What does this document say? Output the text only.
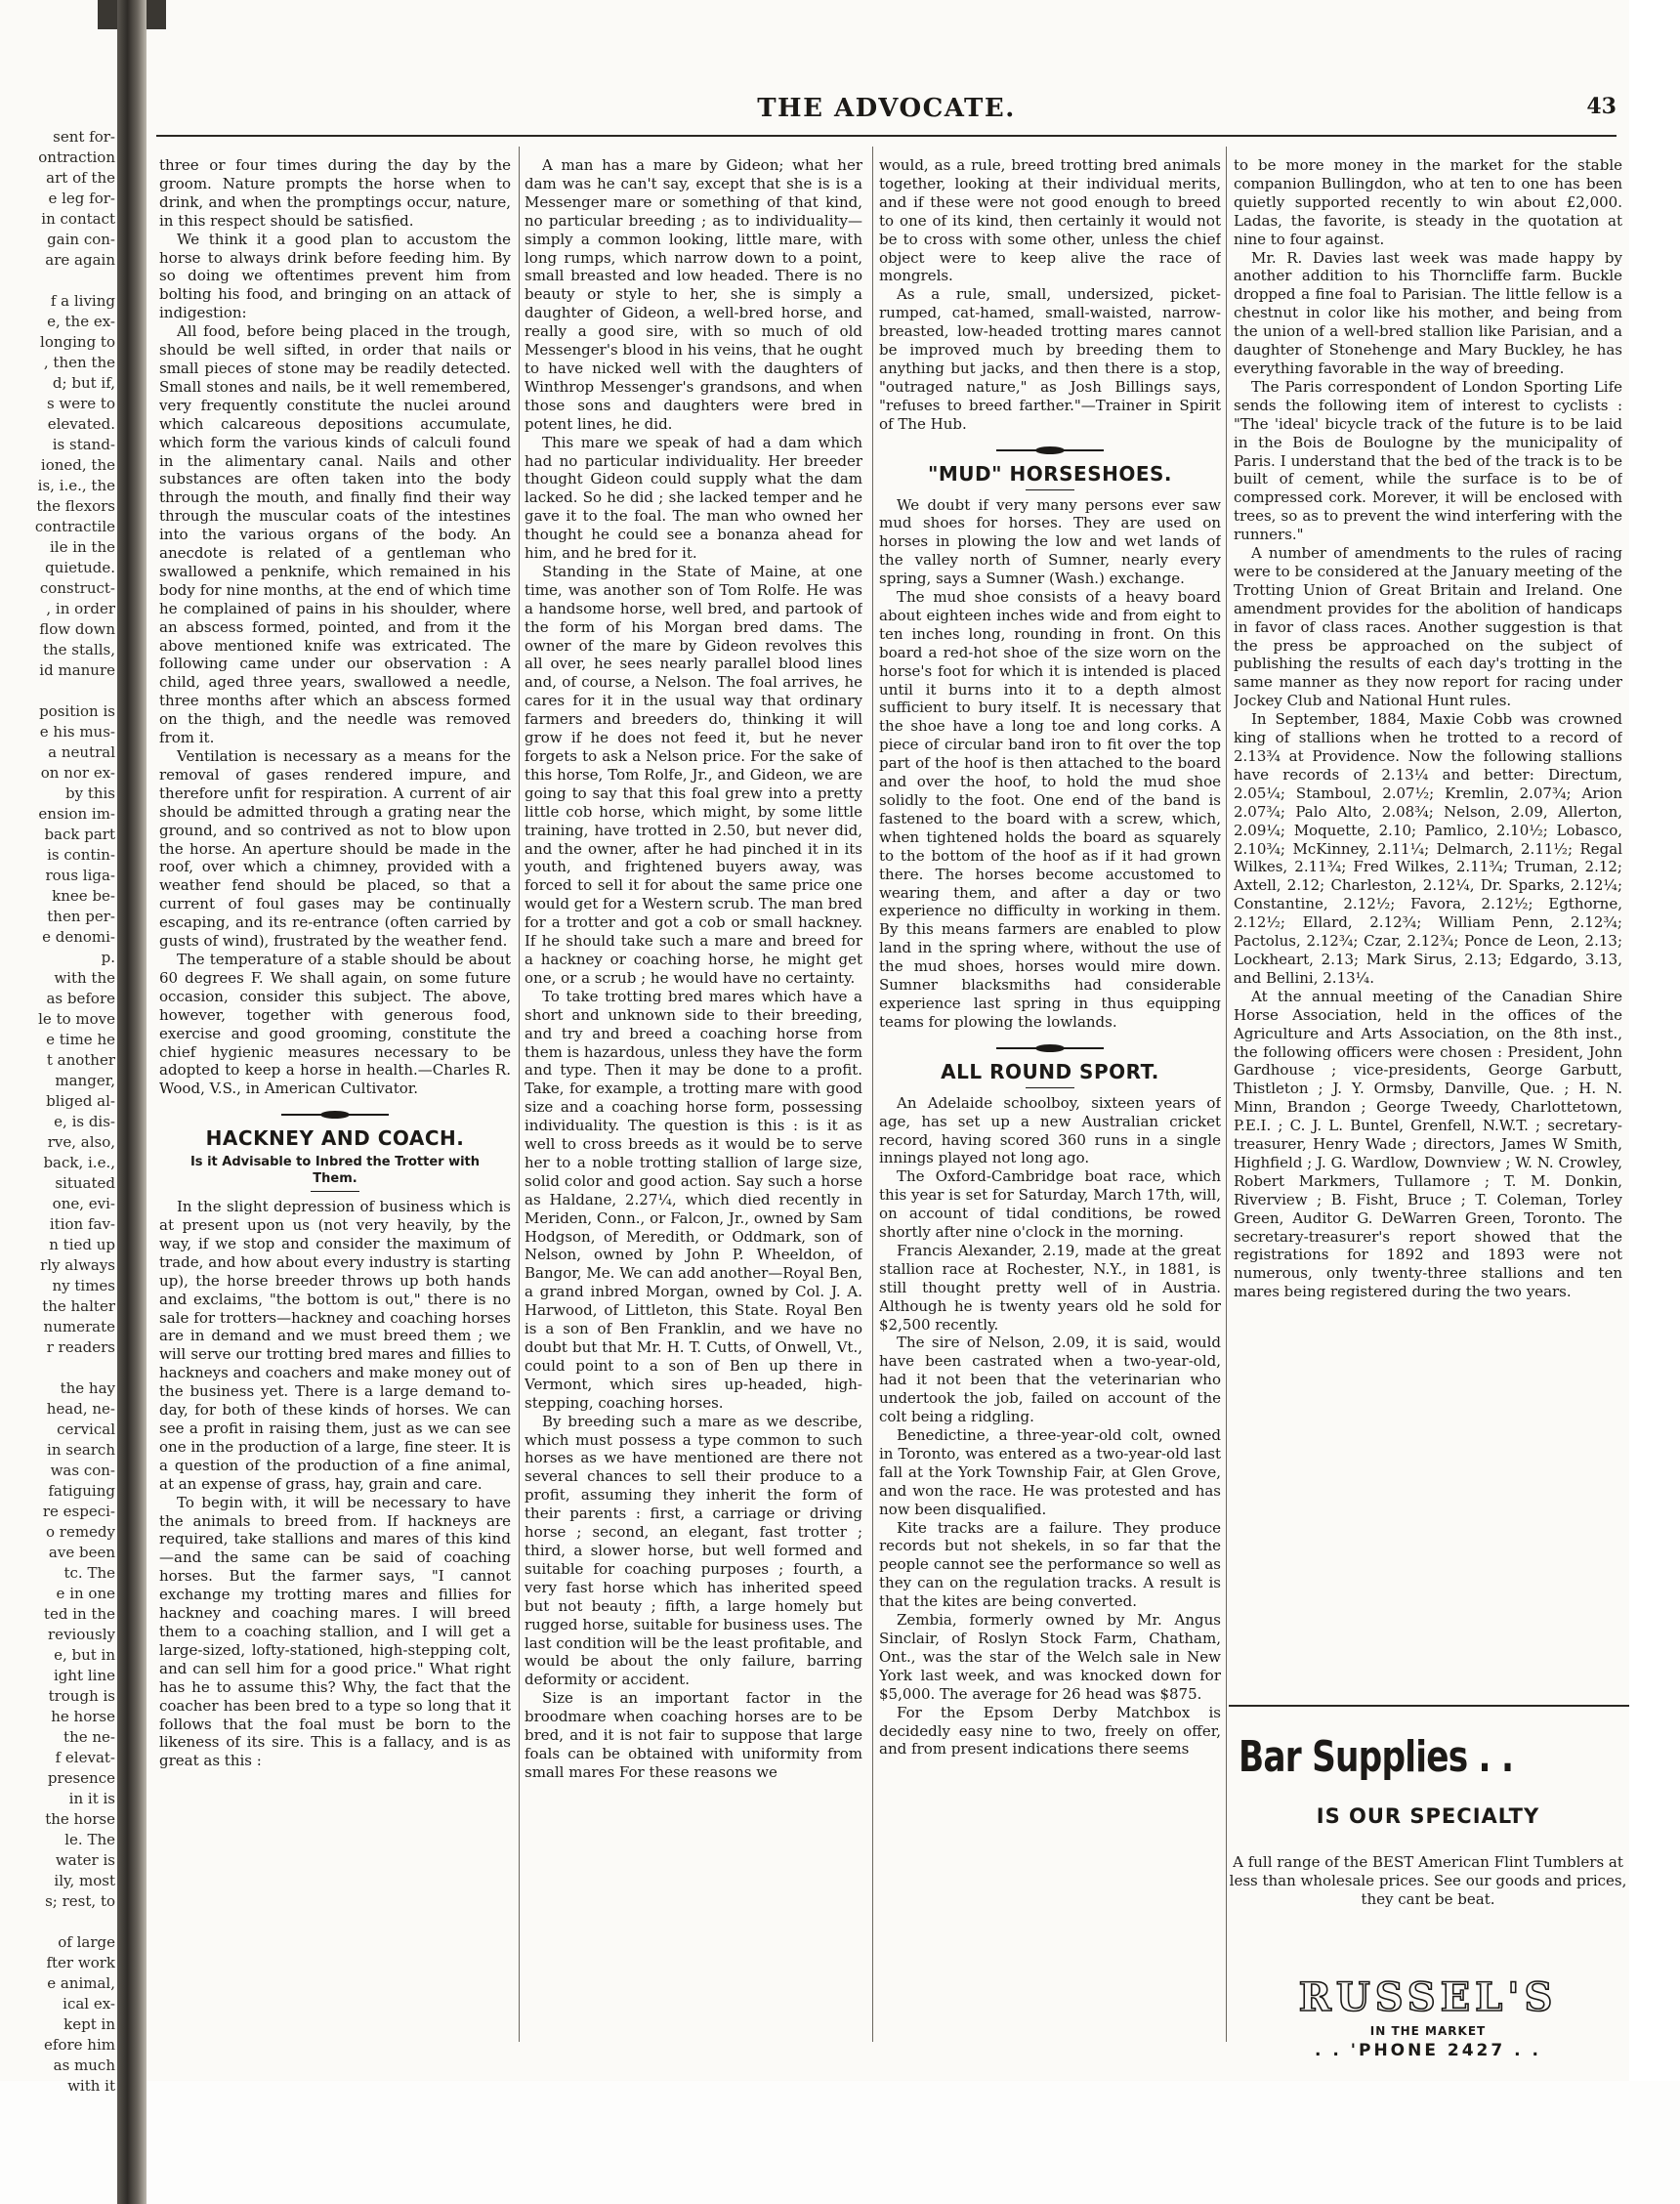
sent for-
ontraction
art of the
e leg for-
in contact
gain con-
are again
f a living
e, the ex-
longing to
, then the
d; but if,
s were to
elevated.
is stand-
ioned, the
is, i.e., the
the flexors
contractile
ile in the
quietude.
construct-
, in order
flow down
the stalls,
id manure
position is
e his mus-
a neutral
on nor ex-
by this
ension im-
back part
is contin-
rous liga-
knee be-
then per-
e denomi-
p.
with the
as before
le to move
e time he
t another
manger,
bliged al-
e, is dis-
rve, also,
back, i.e.,
situated
one, evi-
ition fav-
n tied up
rly always
ny times
the halter
numerate
r readers
the hay
head, ne-
cervical
in search
was con-
fatiguing
re especi-
o remedy
ave been
tc. The
e in one
ted in the
reviously
e, but in
ight line
trough is
he horse
the ne-
f elevat-
presence
in it is
the horse
le. The
water is
ily, most
s; rest, to
of large
fter work
e animal,
ical ex-
kept in
efore him
as much
with it
THE ADVOCATE.	43

three or four times during the day by the groom. Nature prompts the horse when to drink, and when the promptings occur, nature, in this respect should be satisfied.

We think it a good plan to accustom the horse to always drink before feeding him. By so doing we oftentimes prevent him from bolting his food, and bringing on an attack of indigestion:

All food, before being placed in the trough, should be well sifted, in order that nails or small pieces of stone may be readily detected. Small stones and nails, be it well remembered, very frequently constitute the nuclei around which calcareous depositions accumulate, which form the various kinds of calculi found in the alimentary canal. Nails and other substances are often taken into the body through the mouth, and finally find their way through the muscular coats of the intestines into the various organs of the body. An anecdote is related of a gentleman who swallowed a penknife, which remained in his body for nine months, at the end of which time he complained of pains in his shoulder, where an abscess formed, pointed, and from it the above mentioned knife was extricated. The following came under our observation : A child, aged three years, swallowed a needle, three months after which an abscess formed on the thigh, and the needle was removed from it.

Ventilation is necessary as a means for the removal of gases rendered impure, and therefore unfit for respiration. A current of air should be admitted through a grating near the ground, and so contrived as not to blow upon the horse. An aperture should be made in the roof, over which a chimney, provided with a weather fend should be placed, so that a current of foul gases may be continually escaping, and its re-entrance (often carried by gusts of wind), frustrated by the weather fend.

The temperature of a stable should be about 60 degrees F. We shall again, on some future occasion, consider this subject. The above, however, together with generous food, exercise and good grooming, constitute the chief hygienic measures necessary to be adopted to keep a horse in health.—Charles R. Wood, V.S., in American Cultivator.

HACKNEY AND COACH.
Is it Advisable to Inbred the Trotter with Them.

In the slight depression of business which is at present upon us (not very heavily, by the way, if we stop and consider the maximum of trade, and how about every industry is starting up), the horse breeder throws up both hands and exclaims, "the bottom is out," there is no sale for trotters—hackney and coaching horses are in demand and we must breed them ; we will serve our trotting bred mares and fillies to hackneys and coachers and make money out of the business yet. There is a large demand to-day, for both of these kinds of horses. We can see a profit in raising them, just as we can see one in the production of a large, fine steer. It is a question of the production of a fine animal, at an expense of grass, hay, grain and care.

To begin with, it will be necessary to have the animals to breed from. If hackneys are required, take stallions and mares of this kind—and the same can be said of coaching horses. But the farmer says, "I cannot exchange my trotting mares and fillies for hackney and coaching mares. I will breed them to a coaching stallion, and I will get a large-sized, lofty-stationed, high-stepping colt, and can sell him for a good price." What right has he to assume this? Why, the fact that the coacher has been bred to a type so long that it follows that the foal must be born to the likeness of its sire. This is a fallacy, and is as great as this :

A man has a mare by Gideon; what her dam was he can't say, except that she is is a Messenger mare or something of that kind, no particular breeding ; as to individuality—simply a common looking, little mare, with long rumps, which narrow down to a point, small breasted and low headed. There is no beauty or style to her, she is simply a daughter of Gideon, a well-bred horse, and really a good sire, with so much of old Messenger's blood in his veins, that he ought to have nicked well with the daughters of Winthrop Messenger's grandsons, and when those sons and daughters were bred in potent lines, he did.

This mare we speak of had a dam which had no particular individuality. Her breeder thought Gideon could supply what the dam lacked. So he did ; she lacked temper and he gave it to the foal. The man who owned her thought he could see a bonanza ahead for him, and he bred for it.

Standing in the State of Maine, at one time, was another son of Tom Rolfe. He was a handsome horse, well bred, and partook of the form of his Morgan bred dams. The owner of the mare by Gideon revolves this all over, he sees nearly parallel blood lines and, of course, a Nelson. The foal arrives, he cares for it in the usual way that ordinary farmers and breeders do, thinking it will grow if he does not feed it, but he never forgets to ask a Nelson price. For the sake of this horse, Tom Rolfe, Jr., and Gideon, we are going to say that this foal grew into a pretty little cob horse, which might, by some little training, have trotted in 2.50, but never did, and the owner, after he had pinched it in its youth, and frightened buyers away, was forced to sell it for about the same price one would get for a Western scrub. The man bred for a trotter and got a cob or small hackney. If he should take such a mare and breed for a hackney or coaching horse, he might get one, or a scrub ; he would have no certainty.

To take trotting bred mares which have a short and unknown side to their breeding, and try and breed a coaching horse from them is hazardous, unless they have the form and type. Then it may be done to a profit. Take, for example, a trotting mare with good size and a coaching horse form, possessing individuality. The question is this : is it as well to cross breeds as it would be to serve her to a noble trotting stallion of large size, solid color and good action. Say such a horse as Haldane, 2.27¼, which died recently in Meriden, Conn., or Falcon, Jr., owned by Sam Hodgson, of Meredith, or Oddmark, son of Nelson, owned by John P. Wheeldon, of Bangor, Me. We can add another—Royal Ben, a grand inbred Morgan, owned by Col. J. A. Harwood, of Littleton, this State. Royal Ben is a son of Ben Franklin, and we have no doubt but that Mr. H. T. Cutts, of Onwell, Vt., could point to a son of Ben up there in Vermont, which sires up-headed, high-stepping, coaching horses.

By breeding such a mare as we describe, which must possess a type common to such horses as we have mentioned are there not several chances to sell their produce to a profit, assuming they inherit the form of their parents : first, a carriage or driving horse ; second, an elegant, fast trotter ; third, a slower horse, but well formed and suitable for coaching purposes ; fourth, a very fast horse which has inherited speed but not beauty ; fifth, a large homely but rugged horse, suitable for business uses. The last condition will be the least profitable, and would be about the only failure, barring deformity or accident.

Size is an important factor in the broodmare when coaching horses are to be bred, and it is not fair to suppose that large foals can be obtained with uniformity from small mares For these reasons we

would, as a rule, breed trotting bred animals together, looking at their individual merits, and if these were not good enough to breed to one of its kind, then certainly it would not be to cross with some other, unless the chief object were to keep alive the race of mongrels.

As a rule, small, undersized, picket-rumped, cat-hamed, small-waisted, narrow-breasted, low-headed trotting mares cannot be improved much by breeding them to anything but jacks, and then there is a stop, "outraged nature," as Josh Billings says, "refuses to breed farther."—Trainer in Spirit of The Hub.

"MUD" HORSESHOES.

We doubt if very many persons ever saw mud shoes for horses. They are used on horses in plowing the low and wet lands of the valley north of Sumner, nearly every spring, says a Sumner (Wash.) exchange.

The mud shoe consists of a heavy board about eighteen inches wide and from eight to ten inches long, rounding in front. On this board a red-hot shoe of the size worn on the horse's foot for which it is intended is placed until it burns into it to a depth almost sufficient to bury itself. It is necessary that the shoe have a long toe and long corks. A piece of circular band iron to fit over the top part of the hoof is then attached to the board and over the hoof, to hold the mud shoe solidly to the foot. One end of the band is fastened to the board with a screw, which, when tightened holds the board as squarely to the bottom of the hoof as if it had grown there. The horses become accustomed to wearing them, and after a day or two experience no difficulty in working in them. By this means farmers are enabled to plow land in the spring where, without the use of the mud shoes, horses would mire down. Sumner blacksmiths had considerable experience last spring in thus equipping teams for plowing the lowlands.

ALL ROUND SPORT.

An Adelaide schoolboy, sixteen years of age, has set up a new Australian cricket record, having scored 360 runs in a single innings played not long ago.

The Oxford-Cambridge boat race, which this year is set for Saturday, March 17th, will, on account of tidal conditions, be rowed shortly after nine o'clock in the morning.

Francis Alexander, 2.19, made at the great stallion race at Rochester, N.Y., in 1881, is still thought pretty well of in Austria. Although he is twenty years old he sold for $2,500 recently.

The sire of Nelson, 2.09, it is said, would have been castrated when a two-year-old, had it not been that the veterinarian who undertook the job, failed on account of the colt being a ridgling.

Benedictine, a three-year-old colt, owned in Toronto, was entered as a two-year-old last fall at the York Township Fair, at Glen Grove, and won the race. He was protested and has now been disqualified.

Kite tracks are a failure. They produce records but not shekels, in so far that the people cannot see the performance so well as they can on the regulation tracks. A result is that the kites are being converted.

Zembia, formerly owned by Mr. Angus Sinclair, of Roslyn Stock Farm, Chatham, Ont., was the star of the Welch sale in New York last week, and was knocked down for $5,000. The average for 26 head was $875.

For the Epsom Derby Matchbox is decidedly easy nine to two, freely on offer, and from present indications there seems

to be more money in the market for the stable companion Bullingdon, who at ten to one has been quietly supported recently to win about £2,000. Ladas, the favorite, is steady in the quotation at nine to four against.

Mr. R. Davies last week was made happy by another addition to his Thorncliffe farm. Buckle dropped a fine foal to Parisian. The little fellow is a chestnut in color like his mother, and being from the union of a well-bred stallion like Parisian, and a daughter of Stonehenge and Mary Buckley, he has everything favorable in the way of breeding.

The Paris correspondent of London Sporting Life sends the following item of interest to cyclists : "The 'ideal' bicycle track of the future is to be laid in the Bois de Boulogne by the municipality of Paris. I understand that the bed of the track is to be built of cement, while the surface is to be of compressed cork. Morever, it will be enclosed with trees, so as to prevent the wind interfering with the runners."

A number of amendments to the rules of racing were to be considered at the January meeting of the Trotting Union of Great Britain and Ireland. One amendment provides for the abolition of handicaps in favor of class races. Another suggestion is that the press be approached on the subject of publishing the results of each day's trotting in the same manner as they now report for racing under Jockey Club and National Hunt rules.

In September, 1884, Maxie Cobb was crowned king of stallions when he trotted to a record of 2.13¾ at Providence. Now the following stallions have records of 2.13¼ and better: Directum, 2.05¼; Stamboul, 2.07½; Kremlin, 2.07¾; Arion 2.07¾; Palo Alto, 2.08¾; Nelson, 2.09, Allerton, 2.09¼; Moquette, 2.10; Pamlico, 2.10½; Lobasco, 2.10¾; McKinney, 2.11¼; Delmarch, 2.11½; Regal Wilkes, 2.11¾; Fred Wilkes, 2.11¾; Truman, 2.12; Axtell, 2.12; Charleston, 2.12¼, Dr. Sparks, 2.12¼; Constantine, 2.12½; Favora, 2.12½; Egthorne, 2.12½; Ellard, 2.12¾; William Penn, 2.12¾; Pactolus, 2.12¾; Czar, 2.12¾; Ponce de Leon, 2.13; Lockheart, 2.13; Mark Sirus, 2.13; Edgardo, 3.13, and Bellini, 2.13¼.

At the annual meeting of the Canadian Shire Horse Association, held in the offices of the Agriculture and Arts Association, on the 8th inst., the following officers were chosen : President, John Gardhouse ; vice-presidents, George Garbutt, Thistleton ; J. Y. Ormsby, Danville, Que. ; H. N. Minn, Brandon ; George Tweedy, Charlottetown, P.E.I. ; C. J. L. Buntel, Grenfell, N.W.T. ; secretary-treasurer, Henry Wade ; directors, James W Smith, Highfield ; J. G. Wardlow, Downview ; W. N. Crowley, Robert Markmers, Tullamore ; T. M. Donkin, Riverview ; B. Fisht, Bruce ; T. Coleman, Torley Green, Auditor G. DeWarren Green, Toronto. The secretary-treasurer's report showed that the registrations for 1892 and 1893 were not numerous, only twenty-three stallions and ten mares being registered during the two years.

Bar Supplies . .
IS OUR SPECIALTY
A full range of the BEST American Flint Tumblers at less than wholesale prices. See our goods and prices, they cant be beat.
RUSSEL'S
IN THE MARKET
. . 'PHONE 2427 . .
